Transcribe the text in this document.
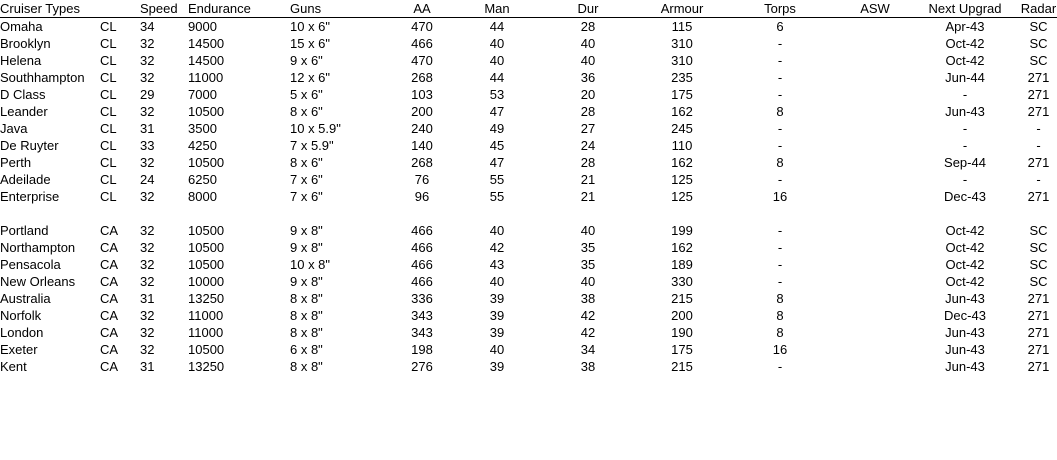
Cruiser Types		Speed	Endurance		Guns		AA	Man	Dur	Armour	Torps	ASW	Next Upgrad	Radar
Omaha	CL	34	9000		10 x 6"		470	44	28	115	6		Apr-43	SC
Brooklyn	CL	32	14500		15 x 6"		466	40	40	310	-		Oct-42	SC
Helena	CL	32	14500		9 x 6"		470	40	40	310	-		Oct-42	SC
Southhampton	CL	32	11000		12 x 6"		268	44	36	235	-		Jun-44	271
D Class	CL	29	7000		5 x 6"		103	53	20	175	-		-	271
Leander	CL	32	10500		8 x 6"		200	47	28	162	8		Jun-43	271
Java	CL	31	3500		10 x 5.9"		240	49	27	245	-		-	-
De Ruyter	CL	33	4250		7 x 5.9"		140	45	24	110	-		-	-
Perth	CL	32	10500		8 x 6"		268	47	28	162	8		Sep-44	271
Adeilade	CL	24	6250		7 x 6"		76	55	21	125	-		-	-
Enterprise	CL	32	8000		7 x 6"		96	55	21	125	16		Dec-43	271

Portland	CA	32	10500		9 x 8"		466	40	40	199	-		Oct-42	SC
Northampton	CA	32	10500		9 x 8"		466	42	35	162	-		Oct-42	SC
Pensacola	CA	32	10500		10 x 8"		466	43	35	189	-		Oct-42	SC
New Orleans	CA	32	10000		9 x 8"		466	40	40	330	-		Oct-42	SC
Australia	CA	31	13250		8 x 8"		336	39	38	215	8		Jun-43	271
Norfolk	CA	32	11000		8 x 8"		343	39	42	200	8		Dec-43	271
London	CA	32	11000		8 x 8"		343	39	42	190	8		Jun-43	271
Exeter	CA	32	10500		6 x 8"		198	40	34	175	16		Jun-43	271
Kent	CA	31	13250		8 x 8"		276	39	38	215	-		Jun-43	271
